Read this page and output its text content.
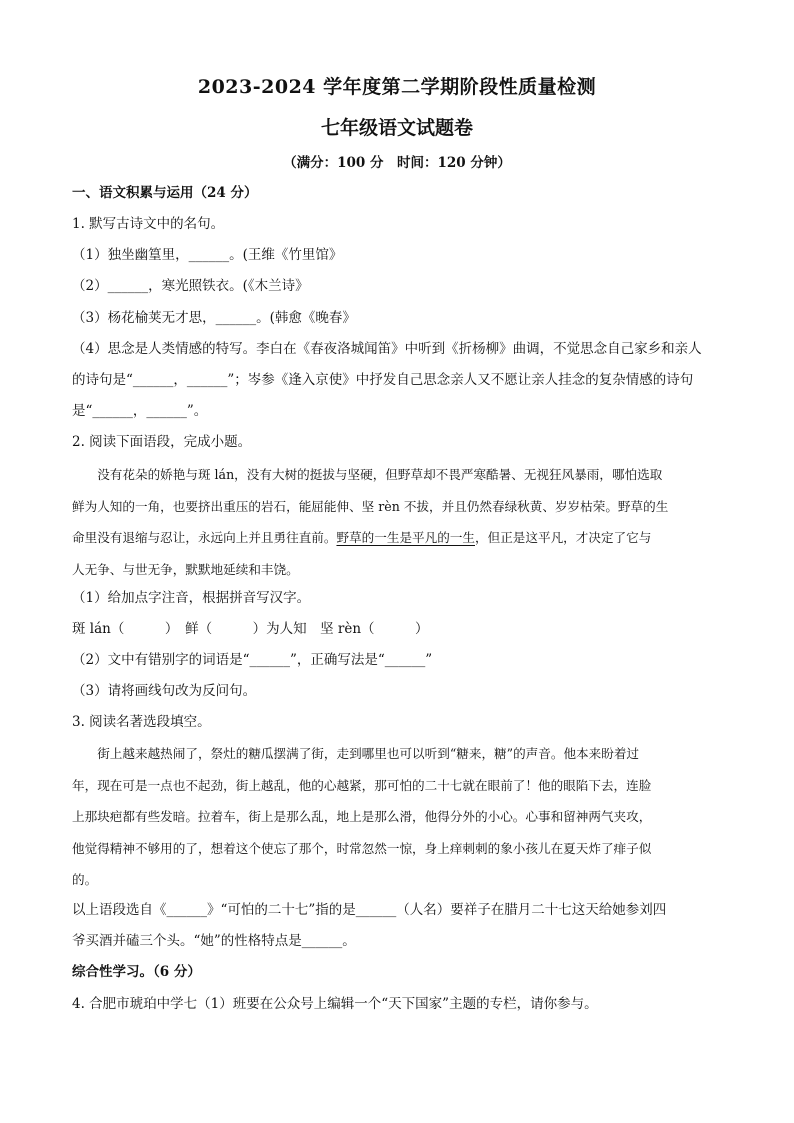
2023-2024 学年度第二学期阶段性质量检测
七年级语文试题卷
（满分：100 分　时间：120 分钟）
一、语文积累与运用（24 分）
1. 默写古诗文中的名句。
（1）独坐幽篁里，______。(王维《竹里馆》
（2）______，寒光照铁衣。(《木兰诗》
（3）杨花榆荚无才思，______。(韩愈《晚春》
（4）思念是人类情感的特写。李白在《春夜洛城闻笛》中听到《折杨柳》曲调，不觉思念自己家乡和亲人
的诗句是“______，______”；岑参《逢入京使》中抒发自己思念亲人又不愿让亲人挂念的复杂情感的诗句
是“______，______”。
2. 阅读下面语段，完成小题。
　　没有花朵的娇艳与斑 lán，没有大树的挺拔与坚硬，但野草却不畏严寒酷暑、无视狂风暴雨，哪怕选取
鲜为人知的一角，也要挤出重压的岩石，能屈能伸、坚 rèn 不拔，并且仍然春绿秋黄、岁岁枯荣。野草的生
命里没有退缩与忍让，永远向上并且勇往直前。野草的一生是平凡的一生，但正是这平凡，才决定了它与
人无争、与世无争，默默地延续和丰饶。
（1）给加点字注音，根据拼音写汉字。
斑 lán（　　　）　鲜（　　　）为人知　坚 rèn（　　　）
（2）文中有错别字的词语是“______”，正确写法是“______”
（3）请将画线句改为反问句。
3. 阅读名著选段填空。
　　街上越来越热闹了，祭灶的糖瓜摆满了街，走到哪里也可以听到“糖来，糖”的声音。他本来盼着过
年，现在可是一点也不起劲，街上越乱，他的心越紧，那可怕的二十七就在眼前了！他的眼陷下去，连脸
上那块疤都有些发暗。拉着车，街上是那么乱，地上是那么滑，他得分外的小心。心事和留神两气夹攻，
他觉得精神不够用的了，想着这个使忘了那个，时常忽然一惊，身上痒刺刺的象小孩儿在夏天炸了痱子似
的。
以上语段选自《______》“可怕的二十七”指的是______（人名）要祥子在腊月二十七这天给她参刘四
爷买酒并磕三个头。“她”的性格特点是______。
综合性学习。（6 分）
4. 合肥市琥珀中学七（1）班要在公众号上编辑一个“天下国家”主题的专栏，请你参与。
